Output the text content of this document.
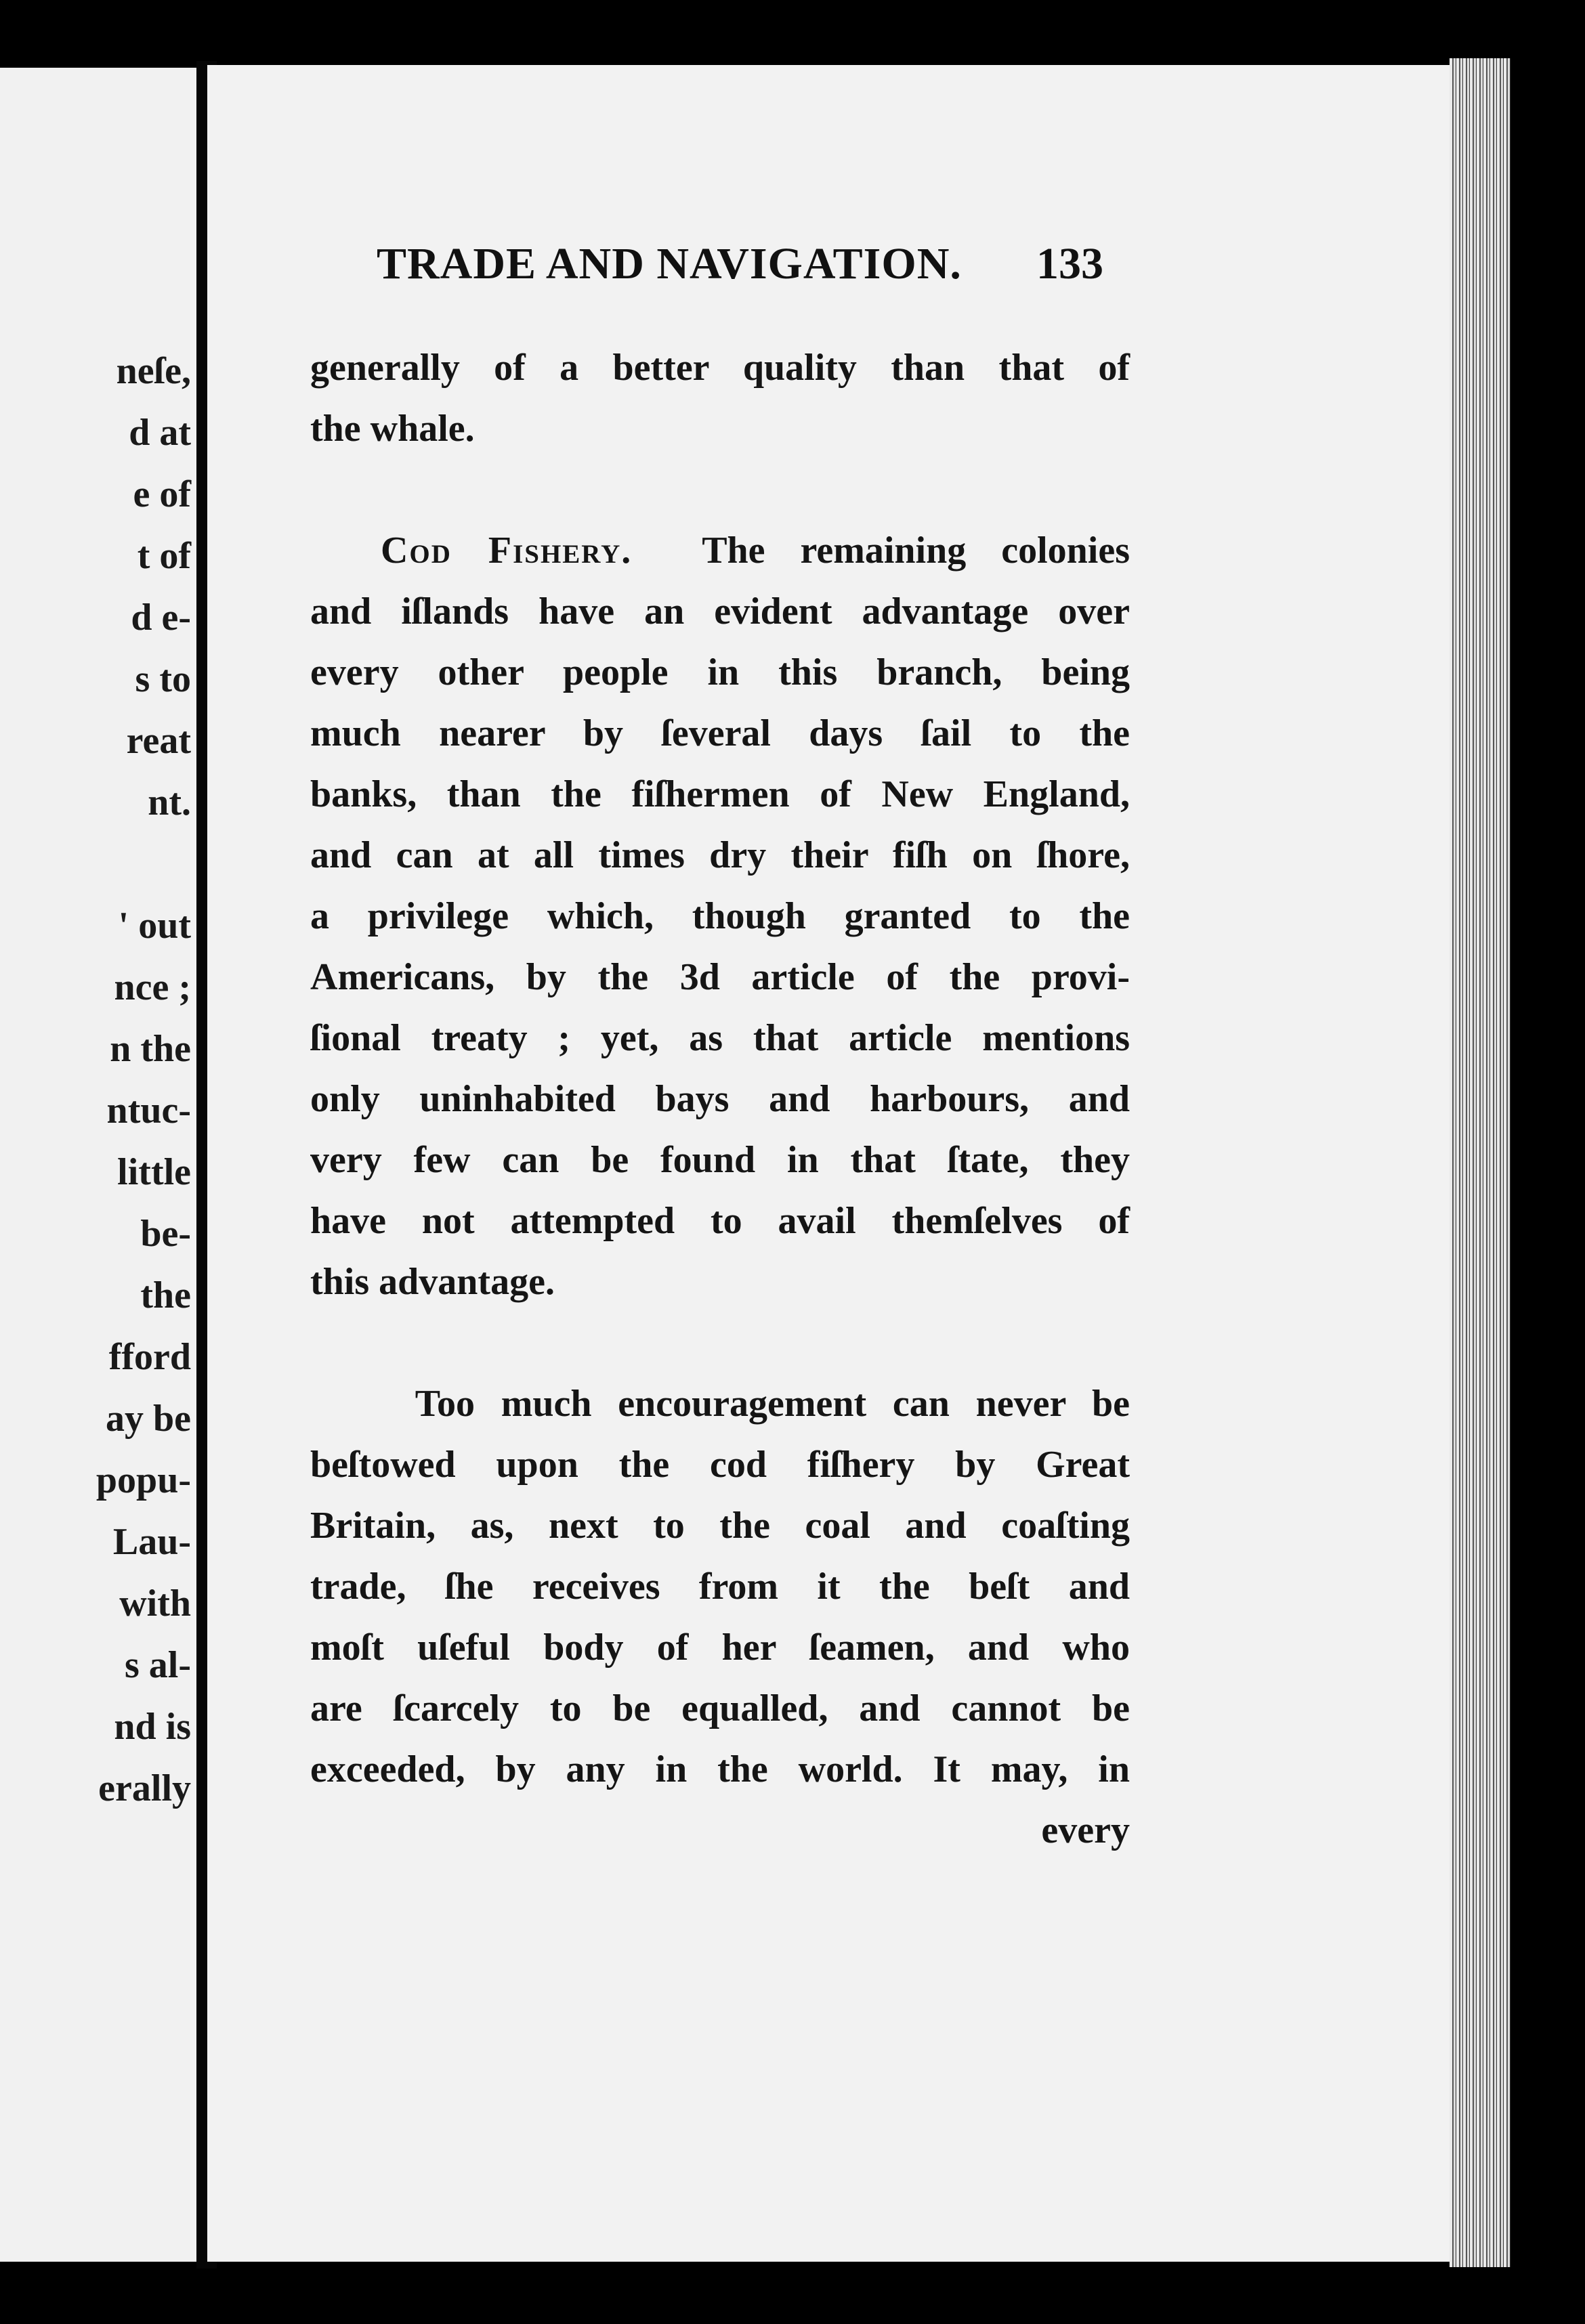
neſe,
d at
e of
t of
d e-
s to
reat
nt.
' out
nce ;
n the
ntuc-
little
be-
the
fford
ay be
popu-
Lau-
with
s al-
nd is
erally
TRADE AND NAVIGATION.	133
generally of a better quality than that of
the whale.
Cod Fishery. The remaining colonies
and iſlands have an evident advantage over
every other people in this branch, being
much nearer by ſeveral days ſail to the
banks, than the fiſhermen of New England,
and can at all times dry their fiſh on ſhore,
a privilege which, though granted to the
Americans, by the 3d article of the provi-
ſional treaty ; yet, as that article mentions
only uninhabited bays and harbours, and
very few can be found in that ſtate, they
have not attempted to avail themſelves of
this advantage.
Too much encouragement can never be
beſtowed upon the cod fiſhery by Great
Britain, as, next to the coal and coaſting
trade, ſhe receives from it the beſt and
moſt uſeful body of her ſeamen, and who
are ſcarcely to be equalled, and cannot be
exceeded, by any in the world. It may, in
every
